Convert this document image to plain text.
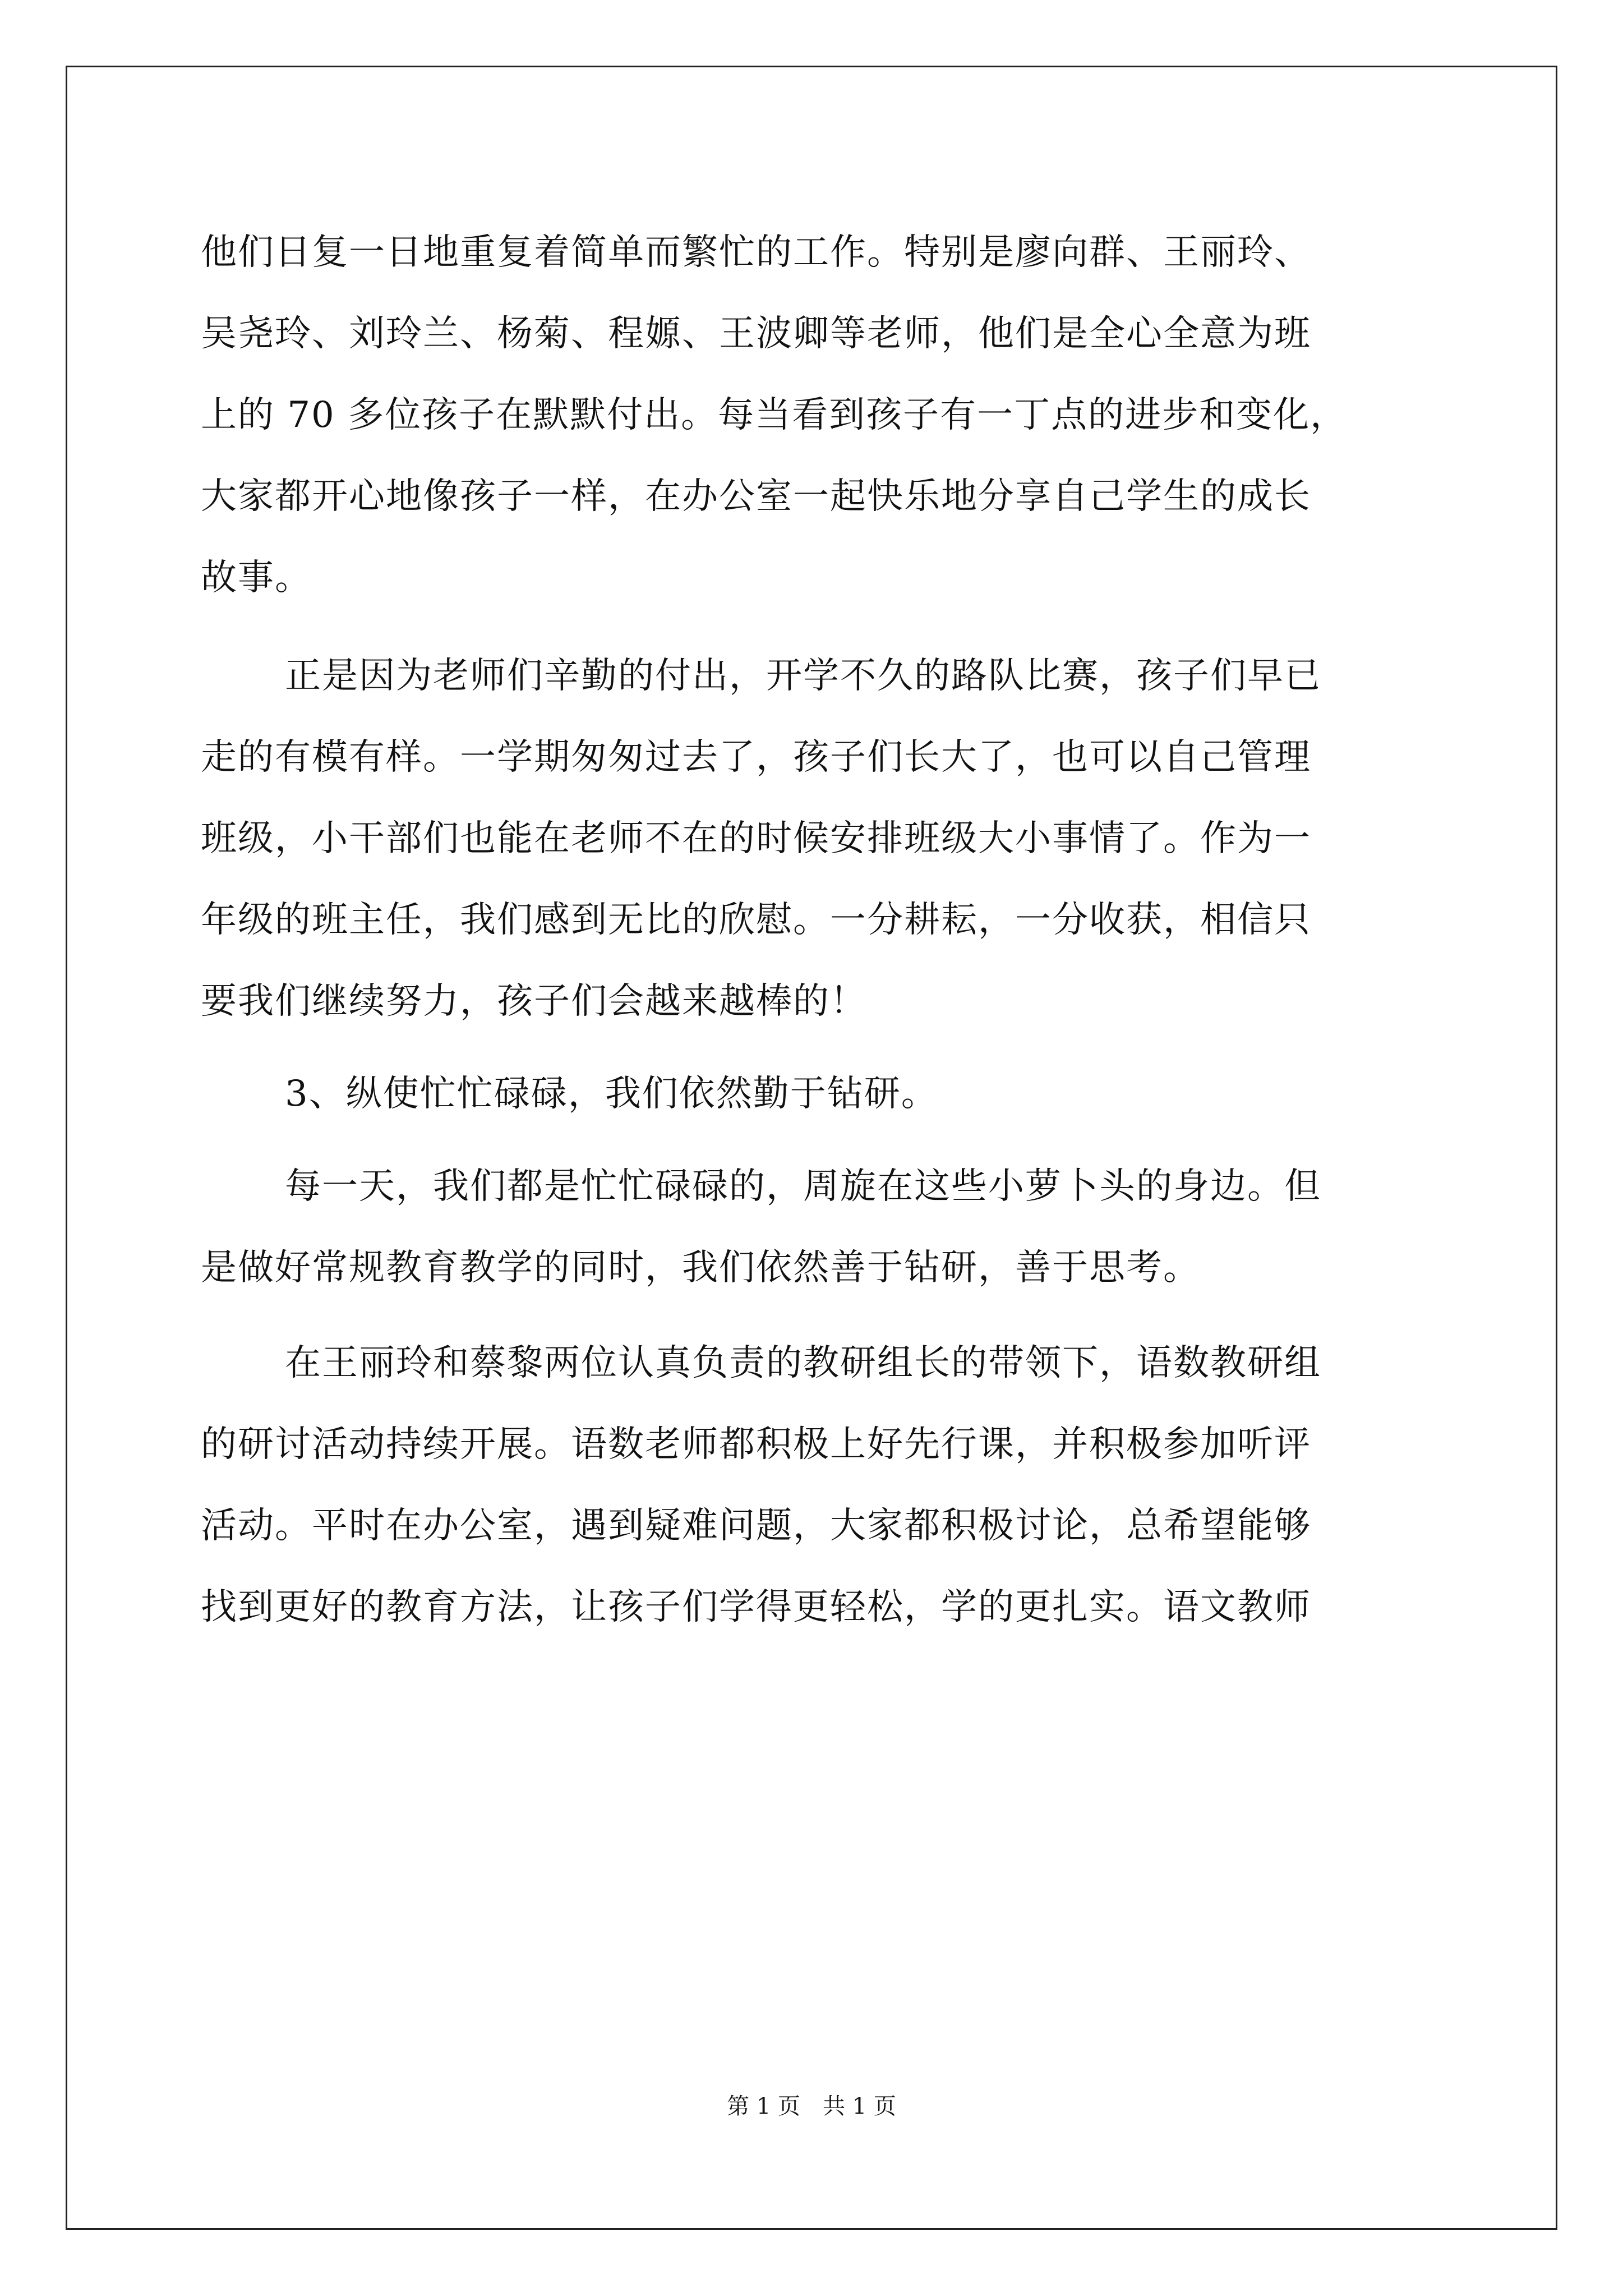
他们日复一日地重复着简单而繁忙的工作。特别是廖向群、王丽玲、
吴尧玲、刘玲兰、杨菊、程嫄、王波卿等老师，他们是全心全意为班
上的 70 多位孩子在默默付出。每当看到孩子有一丁点的进步和变化，
大家都开心地像孩子一样，在办公室一起快乐地分享自己学生的成长
故事。
正是因为老师们辛勤的付出，开学不久的路队比赛，孩子们早已
走的有模有样。一学期匆匆过去了，孩子们长大了，也可以自己管理
班级，小干部们也能在老师不在的时候安排班级大小事情了。作为一
年级的班主任，我们感到无比的欣慰。一分耕耘，一分收获，相信只
要我们继续努力，孩子们会越来越棒的！
3、纵使忙忙碌碌，我们依然勤于钻研。
每一天，我们都是忙忙碌碌的，周旋在这些小萝卜头的身边。但
是做好常规教育教学的同时，我们依然善于钻研，善于思考。
在王丽玲和蔡黎两位认真负责的教研组长的带领下，语数教研组
的研讨活动持续开展。语数老师都积极上好先行课，并积极参加听评
活动。平时在办公室，遇到疑难问题，大家都积极讨论，总希望能够
找到更好的教育方法，让孩子们学得更轻松，学的更扎实。语文教师
第 1 页　共 1 页
